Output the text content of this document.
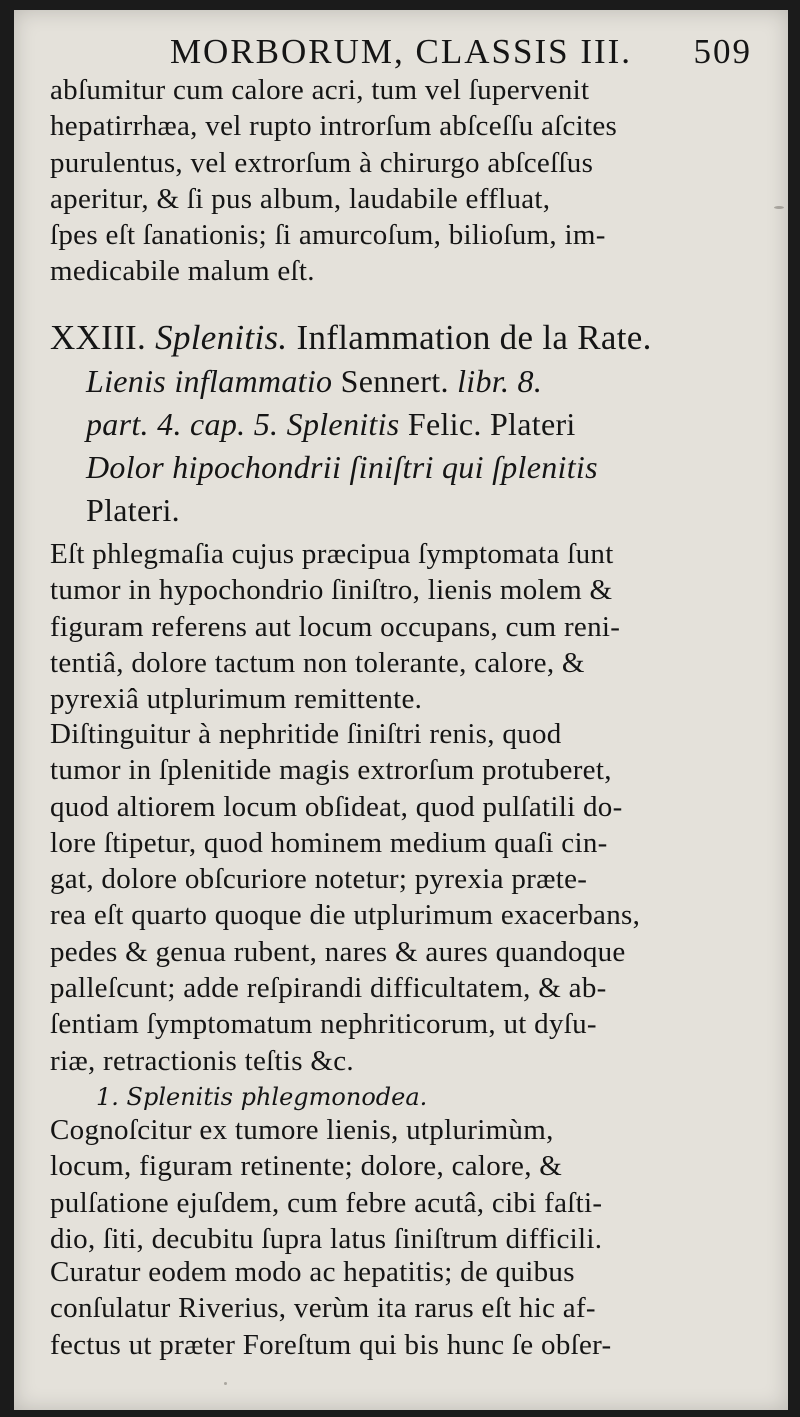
MORBORUM, CLASSIS III. 509
abſumitur cum calore acri, tum vel ſupervenit
hepatirrhæa, vel rupto introrſum abſceſſu aſcites
purulentus, vel extrorſum à chirurgo abſceſſus
aperitur, & ſi pus album, laudabile effluat,
ſpes eſt ſanationis; ſi amurcoſum, bilioſum, im-
medicabile malum eſt.
XXIII. Splenitis. Inflammation de la Rate.
Lienis inflammatio Sennert. libr. 8.
part. 4. cap. 5. Splenitis Felic. Plateri
Dolor hipochondrii ſiniſtri qui ſplenitis
Plateri.
Eſt phlegmaſia cujus præcipua ſymptomata ſunt
tumor in hypochondrio ſiniſtro, lienis molem &
figuram referens aut locum occupans, cum reni-
tentiâ, dolore tactum non tolerante, calore, &
pyrexiâ utplurimum remittente.
Diſtinguitur à nephritide ſiniſtri renis, quod
tumor in ſplenitide magis extrorſum protuberet,
quod altiorem locum obſideat, quod pulſatili do-
lore ſtipetur, quod hominem medium quaſi cin-
gat, dolore obſcuriore notetur; pyrexia præte-
rea eſt quarto quoque die utplurimum exacerbans,
pedes & genua rubent, nares & aures quandoque
palleſcunt; adde reſpirandi difficultatem, & ab-
ſentiam ſymptomatum nephriticorum, ut dyſu-
riæ, retractionis teſtis &c.
1. Splenitis phlegmonodea.
Cognoſcitur ex tumore lienis, utplurimùm,
locum, figuram retinente; dolore, calore, &
pulſatione ejuſdem, cum febre acutâ, cibi faſti-
dio, ſiti, decubitu ſupra latus ſiniſtrum difficili.
Curatur eodem modo ac hepatitis; de quibus
conſulatur Riverius, verùm ita rarus eſt hic af-
fectus ut præter Foreſtum qui bis hunc ſe obſer-
